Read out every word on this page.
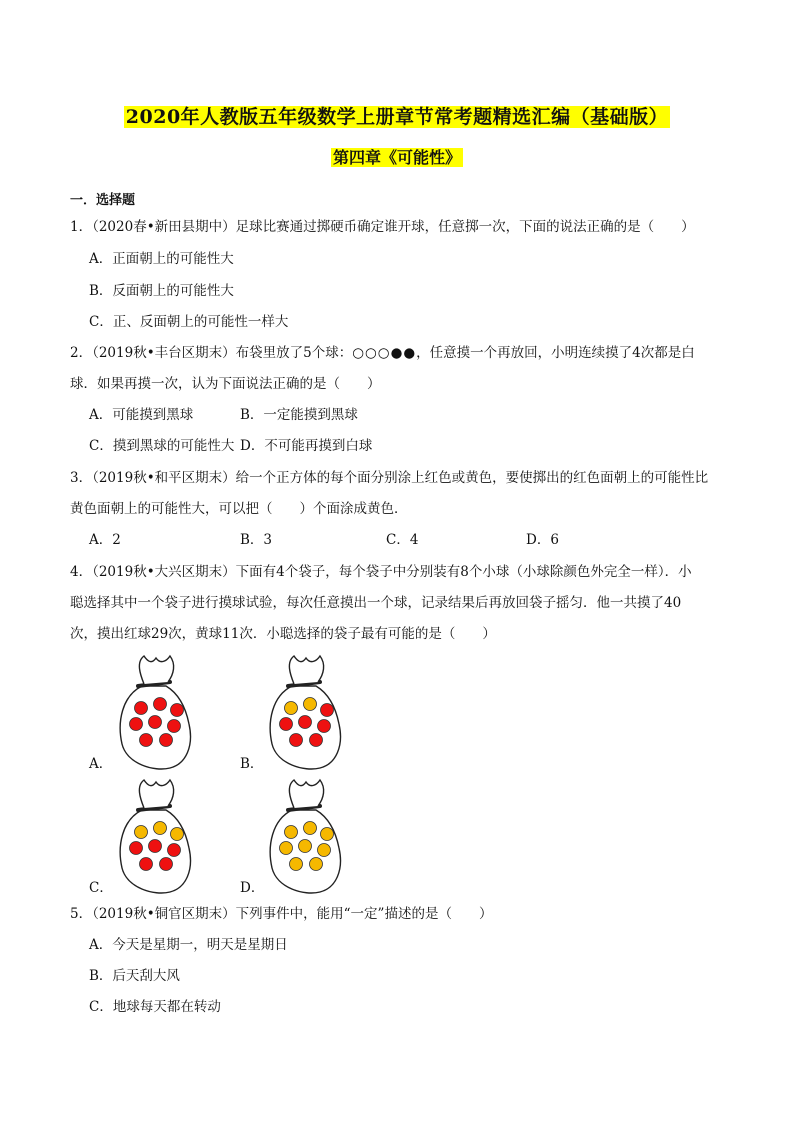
2020年人教版五年级数学上册章节常考题精选汇编（基础版）
第四章《可能性》
一．选择题
1．（2020春•新田县期中）足球比赛通过掷硬币确定谁开球，任意掷一次，下面的说法正确的是（　　）
A．正面朝上的可能性大
B．反面朝上的可能性大
C．正、反面朝上的可能性一样大
2．（2019秋•丰台区期末）布袋里放了5个球：○○○●●，任意摸一个再放回，小明连续摸了4次都是白
球．如果再摸一次，认为下面说法正确的是（　　）
A．可能摸到黑球	B．一定能摸到黑球
C．摸到黑球的可能性大 D．不可能再摸到白球
3．（2019秋•和平区期末）给一个正方体的每个面分别涂上红色或黄色，要使掷出的红色面朝上的可能性比
黄色面朝上的可能性大，可以把（　　）个面涂成黄色．
A．2	B．3	C．4	D．6
4．（2019秋•大兴区期末）下面有4个袋子，每个袋子中分别装有8个小球（小球除颜色外完全一样）．小
聪选择其中一个袋子进行摸球试验，每次任意摸出一个球，记录结果后再放回袋子摇匀．他一共摸了40
次，摸出红球29次，黄球11次．小聪选择的袋子最有可能的是（　　）
A．	B．
C．	D．
5．（2019秋•铜官区期末）下列事件中，能用“一定”描述的是（　　）
A．今天是星期一，明天是星期日
B．后天刮大风
C．地球每天都在转动
